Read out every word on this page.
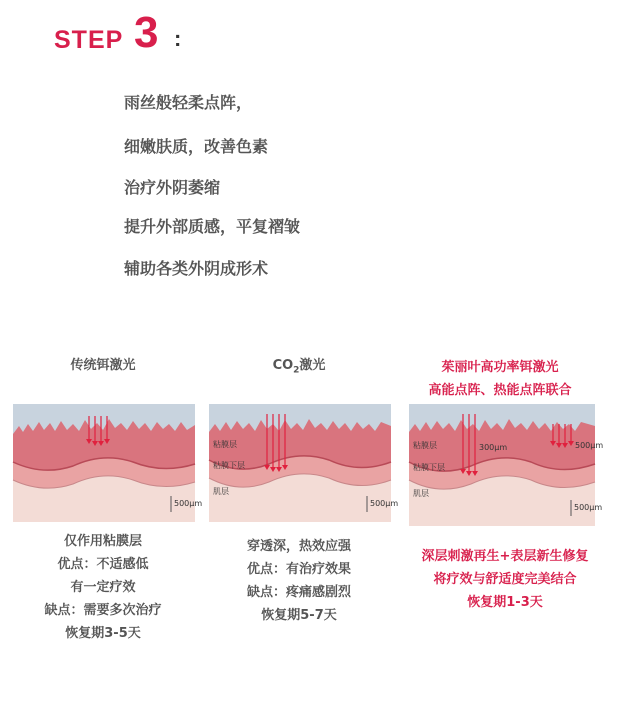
STEP 3 :
雨丝般轻柔点阵，
细嫩肤质，改善色素
治疗外阴萎缩
提升外部质感，平复褶皱
辅助各类外阴成形术
传统铒激光	$CO_2$激光	茱丽叶高功率铒激光
高能点阵、热能点阵联合
500μm
粘膜层
粘膜下层
肌层
500μm
粘膜层
粘膜下层
肌层
300μm	500μm
500μm
仅作用粘膜层
优点：不适感低
有一定疗效
缺点：需要多次治疗
恢复期3-5天
穿透深，热效应强
优点：有治疗效果
缺点：疼痛感剧烈
恢复期5-7天
深层刺激再生+表层新生修复
将疗效与舒适度完美结合
恢复期1-3天
